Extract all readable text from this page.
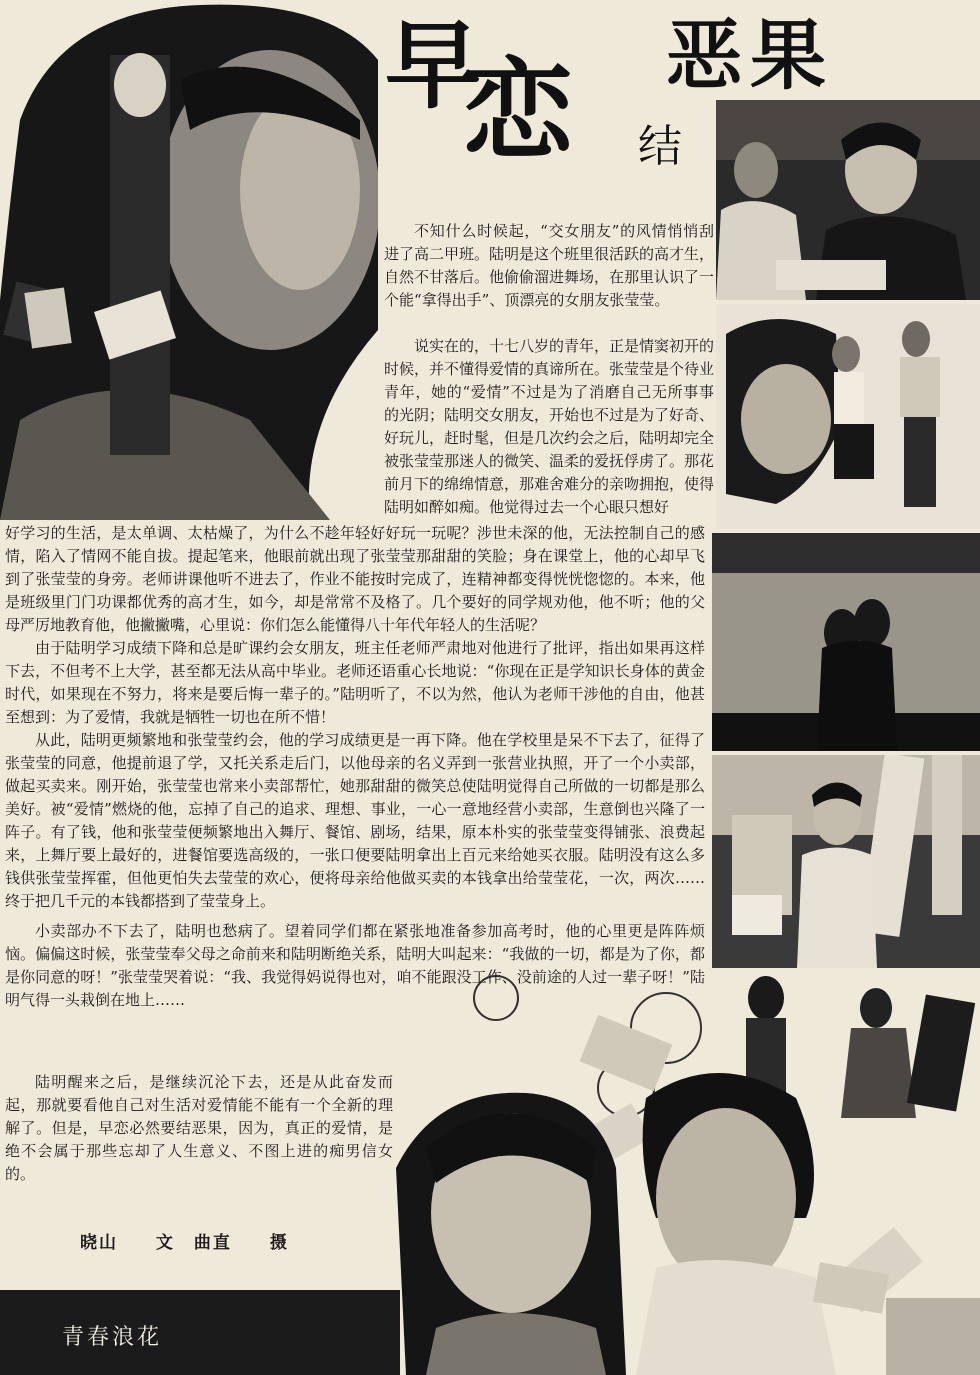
早
恋 结
恶果

不知什么时候起，“交女朋友”的风情悄悄刮进了高二甲班。陆明是这个班里很活跃的高才生，自然不甘落后。他偷偷溜进舞场，在那里认识了一个能“拿得出手”、顶漂亮的女朋友张莹莹。

说实在的，十七八岁的青年，正是情窦初开的时候，并不懂得爱情的真谛所在。张莹莹是个待业青年，她的“爱情”不过是为了消磨自己无所事事的光阴；陆明交女朋友，开始也不过是为了好奇、好玩儿，赶时髦，但是几次约会之后，陆明却完全被张莹莹那迷人的微笑、温柔的爱抚俘虏了。那花前月下的绵绵情意，那难舍难分的亲吻拥抱，使得陆明如醉如痴。他觉得过去一个心眼只想好

好学习的生活，是太单调、太枯燥了，为什么不趁年轻好好玩一玩呢？涉世未深的他，无法控制自己的感情，陷入了情网不能自拔。提起笔来，他眼前就出现了张莹莹那甜甜的笑脸；身在课堂上，他的心却早飞到了张莹莹的身旁。老师讲课他听不进去了，作业不能按时完成了，连精神都变得恍恍惚惚的。本来，他是班级里门门功课都优秀的高才生，如今，却是常常不及格了。几个要好的同学规劝他，他不听；他的父母严厉地教育他，他撇撇嘴，心里说：你们怎么能懂得八十年代年轻人的生活呢？

由于陆明学习成绩下降和总是旷课约会女朋友，班主任老师严肃地对他进行了批评，指出如果再这样下去，不但考不上大学，甚至都无法从高中毕业。老师还语重心长地说：“你现在正是学知识长身体的黄金时代，如果现在不努力，将来是要后悔一辈子的。”陆明听了，不以为然，他认为老师干涉他的自由，他甚至想到：为了爱情，我就是牺牲一切也在所不惜！

从此，陆明更频繁地和张莹莹约会，他的学习成绩更是一再下降。他在学校里是呆不下去了，征得了张莹莹的同意，他提前退了学，又托关系走后门，以他母亲的名义弄到一张营业执照，开了一个小卖部，做起买卖来。刚开始，张莹莹也常来小卖部帮忙，她那甜甜的微笑总使陆明觉得自己所做的一切都是那么美好。被“爱情”燃烧的他，忘掉了自己的追求、理想、事业，一心一意地经营小卖部，生意倒也兴隆了一阵子。有了钱，他和张莹莹便频繁地出入舞厅、餐馆、剧场，结果，原本朴实的张莹莹变得铺张、浪费起来，上舞厅要上最好的，进餐馆要选高级的，一张口便要陆明拿出上百元来给她买衣服。陆明没有这么多钱供张莹莹挥霍，但他更怕失去莹莹的欢心，便将母亲给他做买卖的本钱拿出给莹莹花，一次，两次……终于把几千元的本钱都搭到了莹莹身上。

小卖部办不下去了，陆明也愁病了。望着同学们都在紧张地准备参加高考时，他的心里更是阵阵烦恼。偏偏这时候，张莹莹奉父母之命前来和陆明断绝关系，陆明大叫起来：“我做的一切，都是为了你，都是你同意的呀！”张莹莹哭着说：“我、我觉得妈说得也对，咱不能跟没工作、没前途的人过一辈子呀！”陆明气得一头栽倒在地上……

陆明醒来之后，是继续沉沦下去，还是从此奋发而起，那就要看他自己对生活对爱情能不能有一个全新的理解了。但是，早恋必然要结恶果，因为，真正的爱情，是绝不会属于那些忘却了人生意义、不图上进的痴男信女的。

晓山 文　曲直 摄
青春浪花
